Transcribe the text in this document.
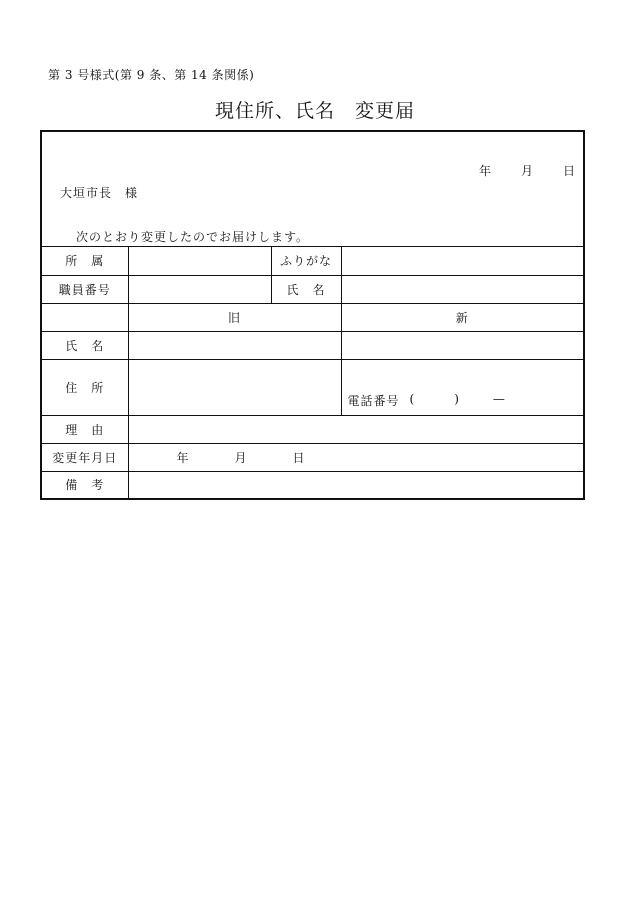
第 3 号様式(第 9 条、第 14 条関係)
現住所、氏名　変更届
年	月	日
大垣市長　様
次のとおり変更したのでお届けします。
所　属		ふりがな	
職員番号		氏　名	
	旧		新
氏　名			
住　所			電話番号 ( ) —

理　由			
変更年月日	年 月 日		

備　考			
